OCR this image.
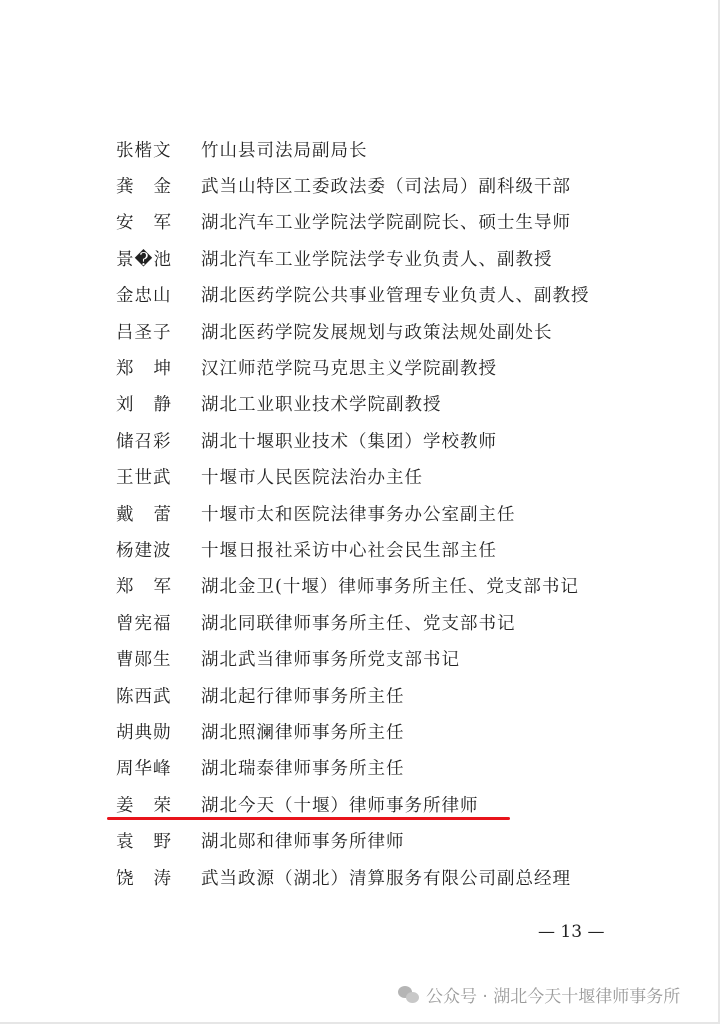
张楷文	竹山县司法局副局长
龚 金 武当山特区工委政法委（司法局）副科级干部
安 军 湖北汽车工业学院法学院副院长、硕士生导师
景�池	湖北汽车工业学院法学专业负责人、副教授
金忠山	湖北医药学院公共事业管理专业负责人、副教授
吕圣子	湖北医药学院发展规划与政策法规处副处长
郑 坤 汉江师范学院马克思主义学院副教授
刘 静 湖北工业职业技术学院副教授
储召彩	湖北十堰职业技术（集团）学校教师
王世武	十堰市人民医院法治办主任
戴 蕾 十堰市太和医院法律事务办公室副主任
杨建波	十堰日报社采访中心社会民生部主任
郑 军 湖北金卫(十堰）律师事务所主任、党支部书记
曾宪福	湖北同联律师事务所主任、党支部书记
曹郧生	湖北武当律师事务所党支部书记
陈西武	湖北起行律师事务所主任
胡典勋	湖北照澜律师事务所主任
周华峰	湖北瑞泰律师事务所主任
姜 荣 湖北今天（十堰）律师事务所律师
袁 野 湖北郧和律师事务所律师
饶 涛 武当政源（湖北）清算服务有限公司副总经理
— 13 —
公众号 · 湖北今天十堰律师事务所
